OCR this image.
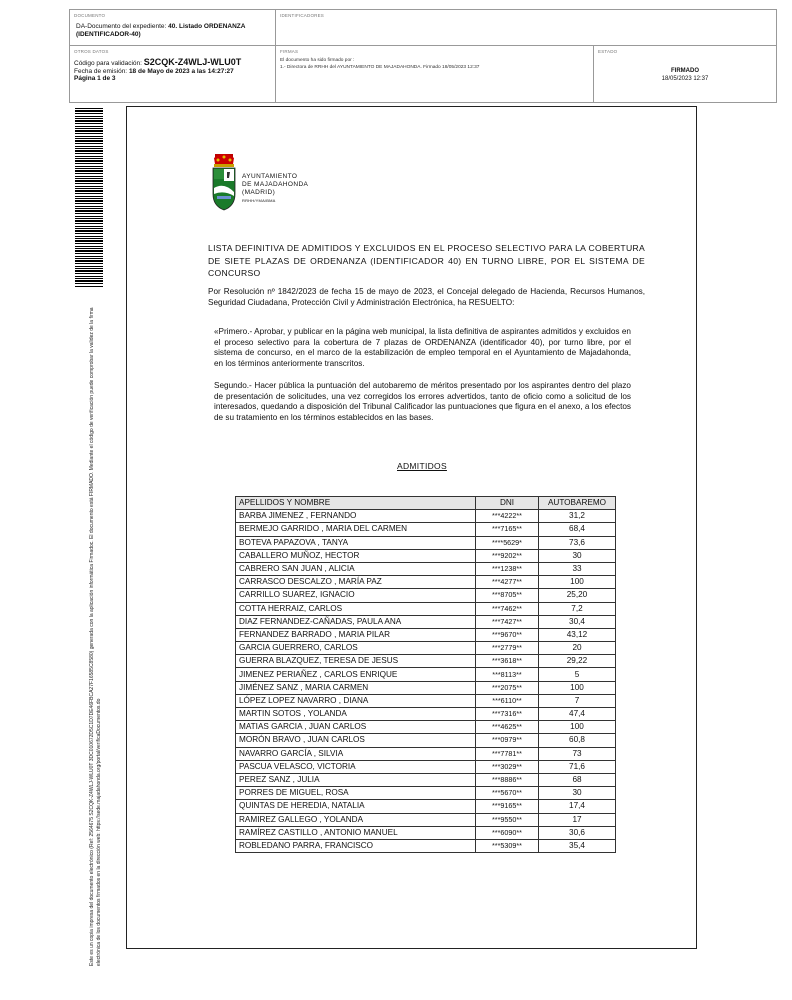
DOCUMENTO
DA-Documento del expediente: 40. Listado ORDENANZA (IDENTIFICADOR-40)
IDENTIFICADORES
OTROS DATOS
Código para validación: S2CQK-Z4WLJ-WLU0T
Fecha de emisión: 18 de Mayo de 2023 a las 14:27:27
Página 1 de 3
FIRMAS
El documento ha sido firmado por :
1.- Directora de RRHH del AYUNTAMIENTO DE MAJADAHONDA. Firmado 18/05/2023 12:37
ESTADO
FIRMADO
18/05/2023 12:37
Este es un copia impresa del documento electrónico (Ref: 2564675 S2CQK-Z4WLJ-WLU0T 3DC010672D5C1D7DE46FBCA27F16585C8580) generada con la aplicación informática Firmadoc. El documento está FIRMADO. Mediante el código de verificación puede comprobar la validez de la firma electrónica de los documentos firmados en la dirección web: https://sede.majadahonda.org/portal/verificaDocumentos.do
AYUNTAMIENTO
DE MAJADAHONDA
(MADRID)
RRHH/YMA/BMA
LISTA DEFINITIVA DE ADMITIDOS Y EXCLUIDOS EN EL PROCESO SELECTIVO PARA LA COBERTURA DE SIETE PLAZAS DE ORDENANZA (IDENTIFICADOR 40) EN TURNO LIBRE, POR EL SISTEMA DE CONCURSO
Por Resolución nº 1842/2023 de fecha 15 de mayo de 2023, el Concejal delegado de Hacienda, Recursos Humanos, Seguridad Ciudadana, Protección Civil y Administración Electrónica, ha RESUELTO:
«Primero.- Aprobar, y publicar en la página web municipal, la lista definitiva de aspirantes admitidos y excluidos en el proceso selectivo para la cobertura de 7 plazas de ORDENANZA (identificador 40), por turno libre, por el sistema de concurso, en el marco de la estabilización de empleo temporal en el Ayuntamiento de Majadahonda, en los términos anteriormente transcritos.
Segundo.- Hacer pública la puntuación del autobaremo de méritos presentado por los aspirantes dentro del plazo de presentación de solicitudes, una vez corregidos los errores advertidos, tanto de oficio como a solicitud de los interesados, quedando a disposición del Tribunal Calificador las puntuaciones que figura en el anexo, a los efectos de su tratamiento en los términos establecidos en las bases.
ADMITIDOS
APELLIDOS Y NOMBRE	DNI	AUTOBAREMO
BARBA JIMENEZ , FERNANDO	***4222**	31,2
BERMEJO GARRIDO , MARIA DEL CARMEN	***7165**	68,4
BOTEVA PAPAZOVA , TANYA	****5629*	73,6
CABALLERO MUÑOZ, HECTOR	***9202**	30
CABRERO SAN JUAN , ALICIA	***1238**	33
CARRASCO DESCALZO , MARÍA PAZ	***4277**	100
CARRILLO SUAREZ, IGNACIO	***8705**	25,20
COTTA HERRAIZ, CARLOS	***7462**	7,2
DIAZ FERNANDEZ-CAÑADAS, PAULA ANA	***7427**	30,4
FERNANDEZ BARRADO , MARIA PILAR	***9670**	43,12
GARCIA GUERRERO, CARLOS	***2779**	20
GUERRA BLAZQUEZ, TERESA DE JESUS	***3618**	29,22
JIMENEZ PERIAÑEZ , CARLOS ENRIQUE	***8113**	5
JIMÉNEZ SANZ , MARIA CARMEN	***2075**	100
LÓPEZ LOPEZ NAVARRO , DIANA	***6110**	7
MARTIN SOTOS , YOLANDA	***7316**	47,4
MATIAS GARCIA , JUAN CARLOS	***4625**	100
MORÓN BRAVO , JUAN CARLOS	***0979**	60,8
NAVARRO GARCÍA , SILVIA	***7781**	73
PASCUA VELASCO, VICTORIA	***3029**	71,6
PEREZ SANZ , JULIA	***8886**	68
PORRES DE MIGUEL, ROSA	***5670**	30
QUINTAS DE HEREDIA, NATALIA	***9165**	17,4
RAMIREZ GALLEGO , YOLANDA	***9550**	17
RAMÍREZ CASTILLO , ANTONIO MANUEL	***6090**	30,6
ROBLEDANO PARRA, FRANCISCO	***5309**	35,4
